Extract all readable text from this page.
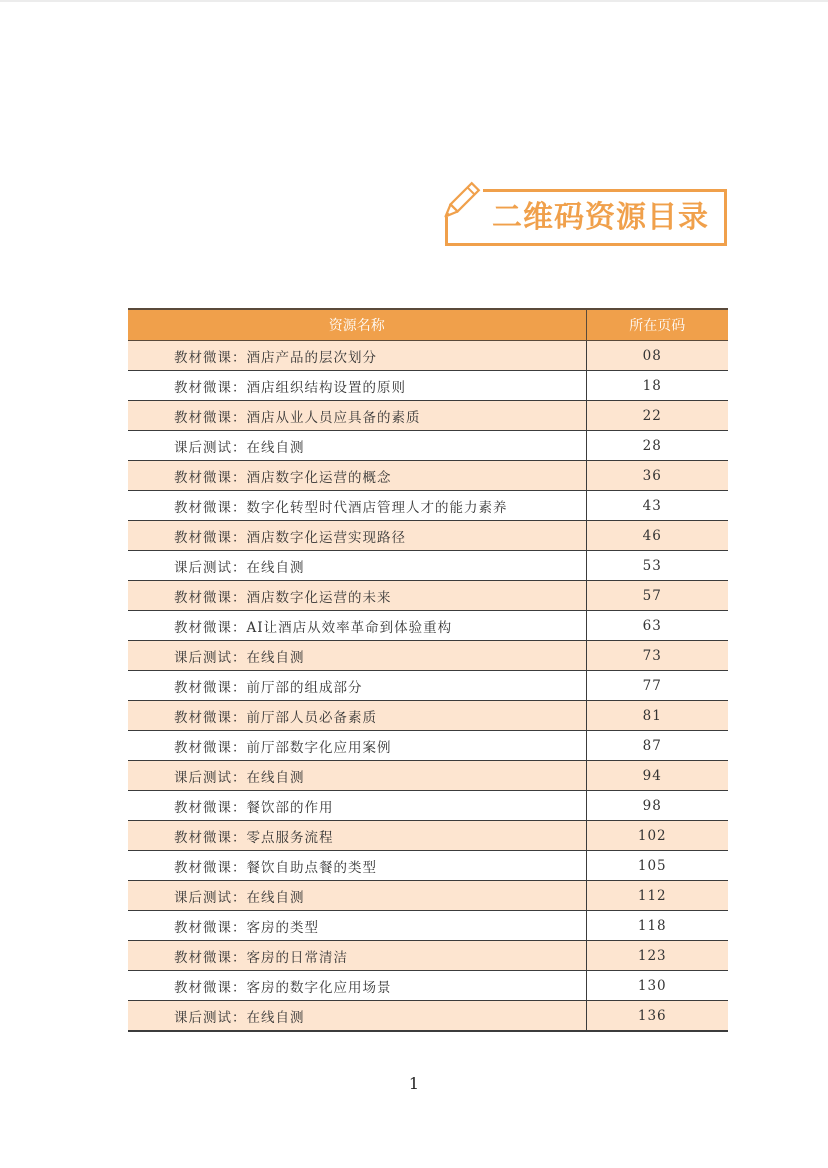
二维码资源目录
资源名称	所在页码
教材微课：酒店产品的层次划分	08
教材微课：酒店组织结构设置的原则	18
教材微课：酒店从业人员应具备的素质	22
课后测试：在线自测	28
教材微课：酒店数字化运营的概念	36
教材微课：数字化转型时代酒店管理人才的能力素养	43
教材微课：酒店数字化运营实现路径	46
课后测试：在线自测	53
教材微课：酒店数字化运营的未来	57
教材微课：AI让酒店从效率革命到体验重构	63
课后测试：在线自测	73
教材微课：前厅部的组成部分	77
教材微课：前厅部人员必备素质	81
教材微课：前厅部数字化应用案例	87
课后测试：在线自测	94
教材微课：餐饮部的作用	98
教材微课：零点服务流程	102
教材微课：餐饮自助点餐的类型	105
课后测试：在线自测	112
教材微课：客房的类型	118
教材微课：客房的日常清洁	123
教材微课：客房的数字化应用场景	130
课后测试：在线自测	136
1
